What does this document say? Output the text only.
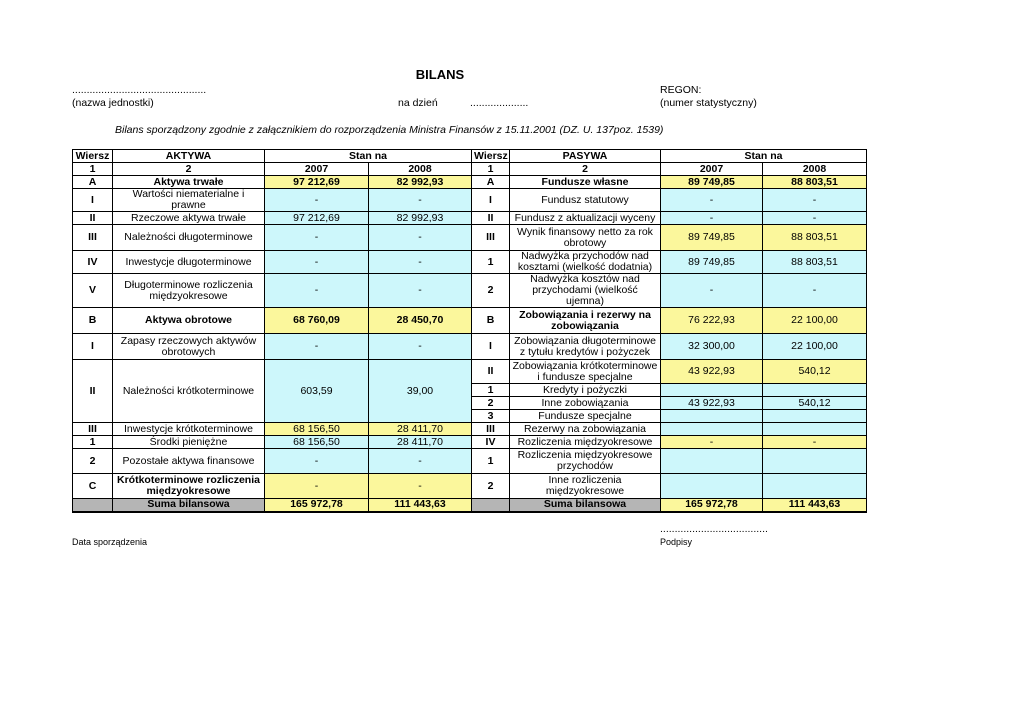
BILANS
..............................................
(nazwa jednostki)	na dzień	....................
REGON:
(numer statystyczny)
Bilans sporządzony zgodnie z załącznikiem do rozporządzenia Ministra Finansów z 15.11.2001 (DZ. U. 137poz. 1539)
Wiersz	AKTYWA	Stan na		Wiersz	PASYWA	Stan na	
1	2	2007	2008	1	2	2007	2008
A	Aktywa trwałe	97 212,69	82 992,93	A	Fundusze własne	89 749,85	88 803,51
I	Wartości niematerialne i prawne	-	-	I	Fundusz statutowy	-	-
II	Rzeczowe aktywa trwałe	97 212,69	82 992,93	II	Fundusz z aktualizacji wyceny	-	-
III	Należności długoterminowe	-	-	III	Wynik finansowy netto za rok obrotowy	89 749,85	88 803,51
IV	Inwestycje długoterminowe	-	-	1	Nadwyżka przychodów nad kosztami (wielkość dodatnia)	89 749,85	88 803,51
V	Długoterminowe rozliczenia międzyokresowe	-	-	2	Nadwyżka kosztów nad przychodami (wielkość ujemna)	-	-
B	Aktywa obrotowe	68 760,09	28 450,70	B	Zobowiązania i rezerwy na zobowiązania	76 222,93	22 100,00
I	Zapasy rzeczowych aktywów obrotowych	-	-	I	Zobowiązania długoterminowe z tytułu kredytów i pożyczek	32 300,00	22 100,00
II	Należności krótkoterminowe	603,59	39,00	II	Zobowiązania krótkoterminowe i fundusze specjalne	43 922,93	540,12
				1	Kredyty i pożyczki		
				2	Inne zobowiązania	43 922,93	540,12
				3	Fundusze specjalne		
III	Inwestycje krótkoterminowe	68 156,50	28 411,70	III	Rezerwy na zobowiązania		
1	Środki pieniężne	68 156,50	28 411,70	IV	Rozliczenia międzyokresowe	-	-
2	Pozostałe aktywa finansowe	-	-	1	Rozliczenia międzyokresowe przychodów		
C	Krótkoterminowe rozliczenia międzyokresowe	-	-	2	Inne rozliczenia międzyokresowe		
	Suma bilansowa	165 972,78	111 443,63		Suma bilansowa	165 972,78	111 443,63
.....................................
Data sporządzenia	Podpisy
